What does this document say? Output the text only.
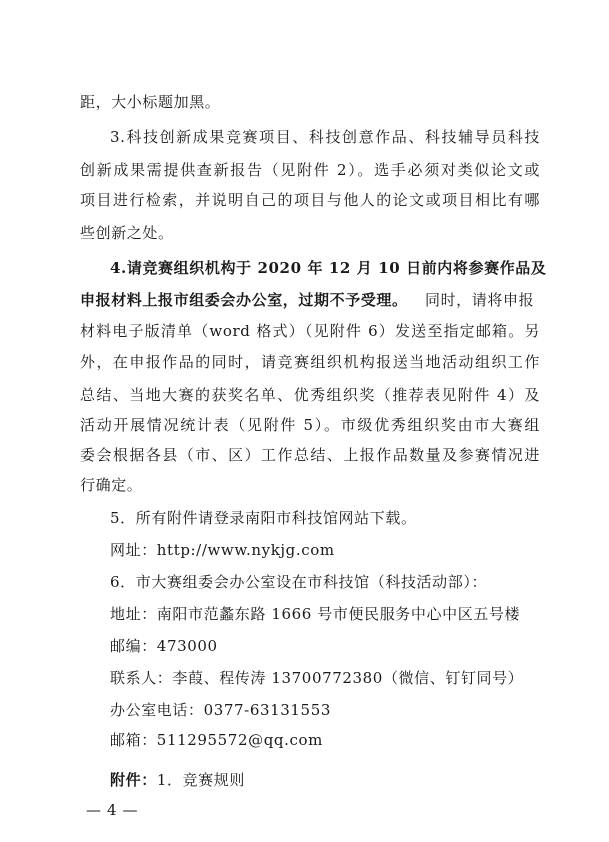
距，大小标题加黑。
3.科技创新成果竞赛项目、科技创意作品、科技辅导员科技
创新成果需提供查新报告（见附件 2）。选手必须对类似论文或
项目进行检索，并说明自己的项目与他人的论文或项目相比有哪
些创新之处。
4.请竞赛组织机构于 2020 年 12 月 10 日前内将参赛作品及
申报材料上报市组委会办公室，过期不予受理。 同时，请将申报
材料电子版清单（word 格式）（见附件 6）发送至指定邮箱。另
外，在申报作品的同时，请竞赛组织机构报送当地活动组织工作
总结、当地大赛的获奖名单、优秀组织奖（推荐表见附件 4）及
活动开展情况统计表（见附件 5）。市级优秀组织奖由市大赛组
委会根据各县（市、区）工作总结、上报作品数量及参赛情况进
行确定。
5．所有附件请登录南阳市科技馆网站下载。
网址：http://www.nykjg.com
6．市大赛组委会办公室设在市科技馆（科技活动部）：
地址：南阳市范蠡东路 1666 号市便民服务中心中区五号楼
邮编：473000
联系人：李葭、程传涛 13700772380（微信、钉钉同号）
办公室电话：0377-63131553
邮箱：511295572@qq.com
附件：1．竞赛规则
— 4 —
